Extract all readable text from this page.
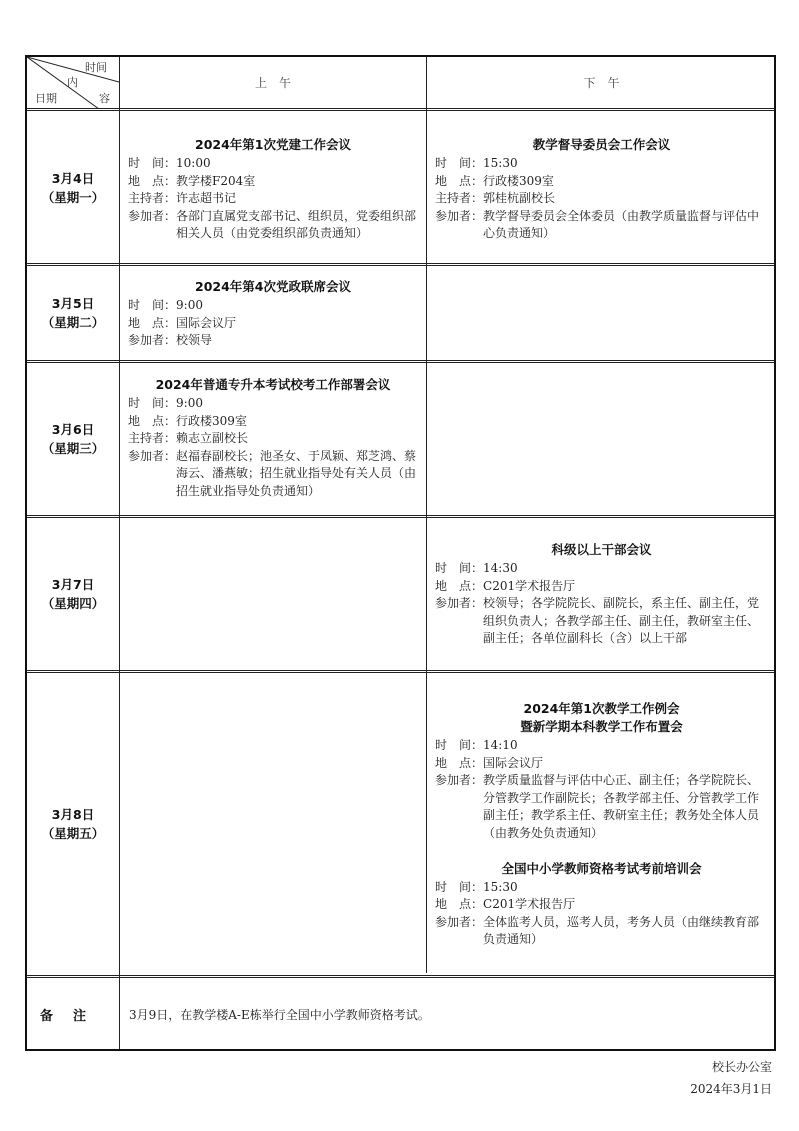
时间
内
容
日期
上　午	下　午
3月4日
（星期一）
2024年第1次党建工作会议
时　间： 10:00
地　点： 教学楼F204室
主持者： 许志超书记
参加者： 各部门直属党支部书记、组织员，党委组织部相关人员（由党委组织部负责通知）
教学督导委员会工作会议
时　间： 15:30
地　点： 行政楼309室
主持者： 郭桂杭副校长
参加者： 教学督导委员会全体委员（由教学质量监督与评估中心负责通知）
3月5日
（星期二）
2024年第4次党政联席会议
时　间： 9:00
地　点： 国际会议厅
参加者： 校领导
3月6日
（星期三）
2024年普通专升本考试校考工作部署会议
时　间： 9:00
地　点： 行政楼309室
主持者： 赖志立副校长
参加者： 赵福春副校长；池圣女、于凤颖、郑芝鸿、蔡海云、潘燕敏；招生就业指导处有关人员（由招生就业指导处负责通知）
3月7日
（星期四）
科级以上干部会议
时　间： 14:30
地　点： C201学术报告厅
参加者： 校领导；各学院院长、副院长，系主任、副主任，党组织负责人；各教学部主任、副主任，教研室主任、副主任；各单位副科长（含）以上干部
3月8日
（星期五）
2024年第1次教学工作例会
暨新学期本科教学工作布置会
时　间： 14:10
地　点： 国际会议厅
参加者： 教学质量监督与评估中心正、副主任；各学院院长、分管教学工作副院长；各教学部主任、分管教学工作副主任；教学系主任、教研室主任；教务处全体人员（由教务处负责通知）
全国中小学教师资格考试考前培训会
时　间： 15:30
地　点： C201学术报告厅
参加者： 全体监考人员，巡考人员，考务人员（由继续教育部负责通知）
备注	3月9日，在教学楼A-E栋举行全国中小学教师资格考试。
校长办公室
2024年3月1日
